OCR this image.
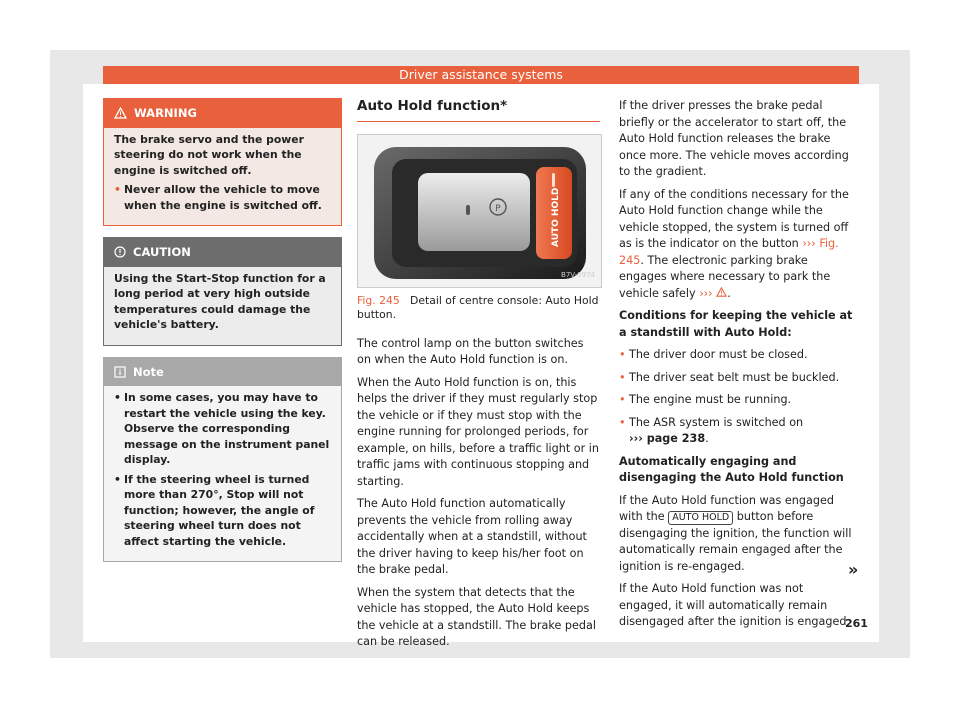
Driver assistance systems
WARNING

The brake servo and the power steering do not work when the engine is switched off.

• Never allow the vehicle to move when the engine is switched off.

CAUTION

Using the Start-Stop function for a long period at very high outside temperatures could damage the vehicle's battery.

Note

• In some cases, you may have to restart the vehicle using the key. Observe the corresponding message on the instrument panel display.

• If the steering wheel is turned more than 270°, Stop will not function; however, the angle of steering wheel turn does not affect starting the vehicle.

Auto Hold function*
P	AUTO HOLD
B7V-0974
Fig. 245 Detail of centre console: Auto Hold button.

The control lamp on the button switches on when the Auto Hold function is on.

When the Auto Hold function is on, this helps the driver if they must regularly stop the vehicle or if they must stop with the engine running for prolonged periods, for example, on hills, before a traffic light or in traffic jams with continuous stopping and starting.

The Auto Hold function automatically prevents the vehicle from rolling away accidentally when at a standstill, without the driver having to keep his/her foot on the brake pedal.

When the system that detects that the vehicle has stopped, the Auto Hold keeps the vehicle at a standstill. The brake pedal can be released.

If the driver presses the brake pedal briefly or the accelerator to start off, the Auto Hold function releases the brake once more. The vehicle moves according to the gradient.

If any of the conditions necessary for the Auto Hold function change while the vehicle stopped, the system is turned off as is the indicator on the button ››› Fig. 245. The electronic parking brake engages where necessary to park the vehicle safely ››› .

Conditions for keeping the vehicle at a standstill with Auto Hold:

• The driver door must be closed.

• The driver seat belt must be buckled.

• The engine must be running.

• The ASR system is switched on
››› page 238.

Automatically engaging and disengaging the Auto Hold function

If the Auto Hold function was engaged with the AUTO HOLD button before disengaging the ignition, the function will automatically remain engaged after the ignition is re-engaged.

If the Auto Hold function was not engaged, it will automatically remain disengaged after the ignition is engaged.

»
261
